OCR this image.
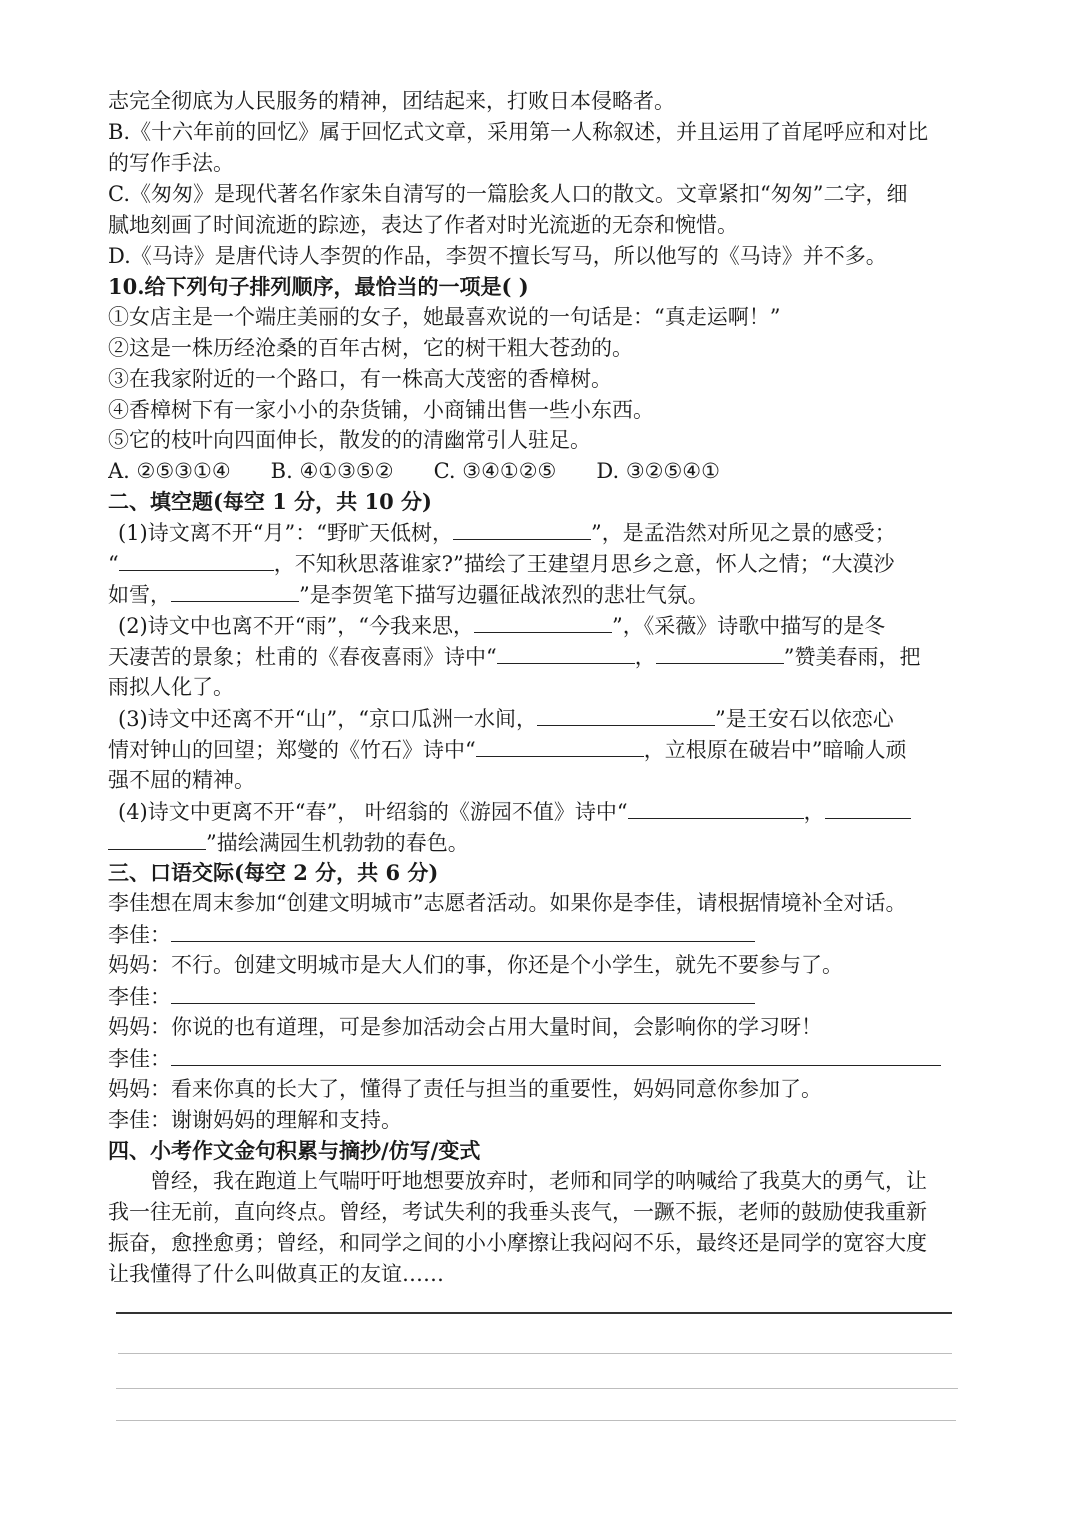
志完全彻底为人民服务的精神，团结起来，打败日本侵略者。
B.《十六年前的回忆》属于回忆式文章，采用第一人称叙述，并且运用了首尾呼应和对比
的写作手法。
C.《匆匆》是现代著名作家朱自清写的一篇脍炙人口的散文。文章紧扣“匆匆”二字，细
腻地刻画了时间流逝的踪迹，表达了作者对时光流逝的无奈和惋惜。
D.《马诗》是唐代诗人李贺的作品，李贺不擅长写马，所以他写的《马诗》并不多。
10.给下列句子排列顺序，最恰当的一项是( )
①女店主是一个端庄美丽的女子，她最喜欢说的一句话是：“真走运啊！”
②这是一株历经沧桑的百年古树，它的树干粗大苍劲的。
③在我家附近的一个路口，有一株高大茂密的香樟树。
④香樟树下有一家小小的杂货铺，小商铺出售一些小东西。
⑤它的枝叶向四面伸长，散发的的清幽常引人驻足。
A. ②⑤③①④ B. ④①③⑤② C. ③④①②⑤ D. ③②⑤④①
二、填空题(每空 1 分，共 10 分)
(1)诗文离不开“月”：“野旷天低树，	”，是孟浩然对所见之景的感受；
“	，不知秋思落谁家?”描绘了王建望月思乡之意，怀人之情；“大漠沙
如雪，	”是李贺笔下描写边疆征战浓烈的悲壮气氛。
(2)诗文中也离不开“雨”，“今我来思，	”，《采薇》诗歌中描写的是冬
天凄苦的景象；杜甫的《春夜喜雨》诗中“	，	”赞美春雨，把
雨拟人化了。
(3)诗文中还离不开“山”，“京口瓜洲一水间，	”是王安石以依恋心
情对钟山的回望；郑燮的《竹石》诗中“	，立根原在破岩中”暗喻人顽
强不屈的精神。
(4)诗文中更离不开“春”， 叶绍翁的《游园不值》诗中“	，
”描绘满园生机勃勃的春色。
三、口语交际(每空 2 分，共 6 分)
李佳想在周末参加“创建文明城市”志愿者活动。如果你是李佳，请根据情境补全对话。
李佳：
妈妈：不行。创建文明城市是大人们的事，你还是个小学生，就先不要参与了。
李佳：
妈妈：你说的也有道理，可是参加活动会占用大量时间，会影响你的学习呀！
李佳：
妈妈：看来你真的长大了，懂得了责任与担当的重要性，妈妈同意你参加了。
李佳：谢谢妈妈的理解和支持。
四、小考作文金句积累与摘抄/仿写/变式
曾经，我在跑道上气喘吁吁地想要放弃时，老师和同学的呐喊给了我莫大的勇气，让
我一往无前，直向终点。曾经，考试失利的我垂头丧气，一蹶不振，老师的鼓励使我重新
振奋，愈挫愈勇；曾经，和同学之间的小小摩擦让我闷闷不乐，最终还是同学的宽容大度
让我懂得了什么叫做真正的友谊……
